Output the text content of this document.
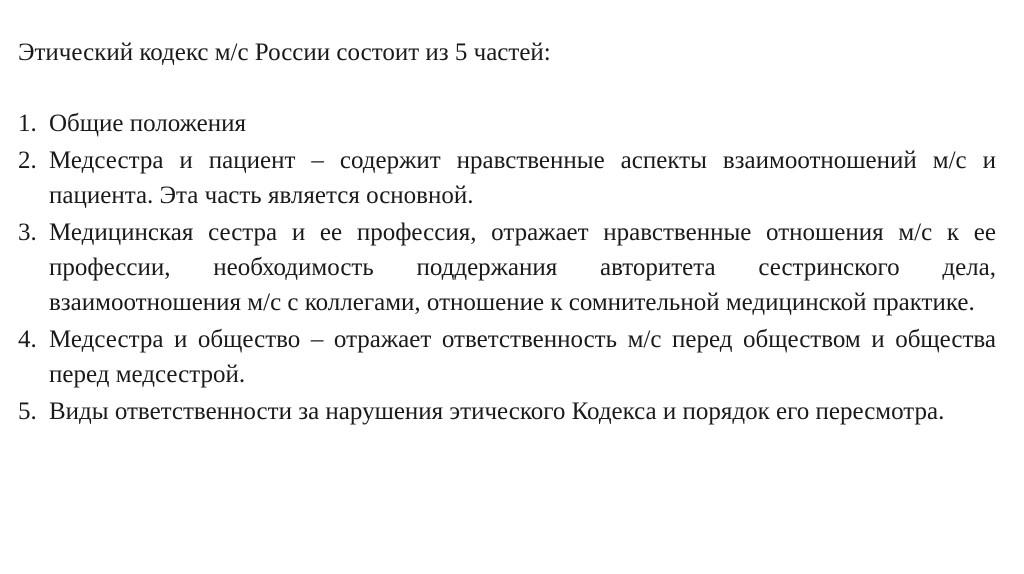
Этический кодекс м/с России состоит из 5 частей:

1. Общие положения
2. Медсестра и пациент – содержит нравственные аспекты взаимоотношений м/с и пациента. Эта часть является основной.
3. Медицинская сестра и ее профессия, отражает нравственные отношения м/с к ее профессии, необходимость поддержания авторитета сестринского дела, взаимоотношения м/с с коллегами, отношение к сомнительной медицинской практике.
4. Медсестра и общество – отражает ответственность м/с перед обществом и общества перед медсестрой.
5. Виды ответственности за нарушения этического Кодекса и порядок его пересмотра.
